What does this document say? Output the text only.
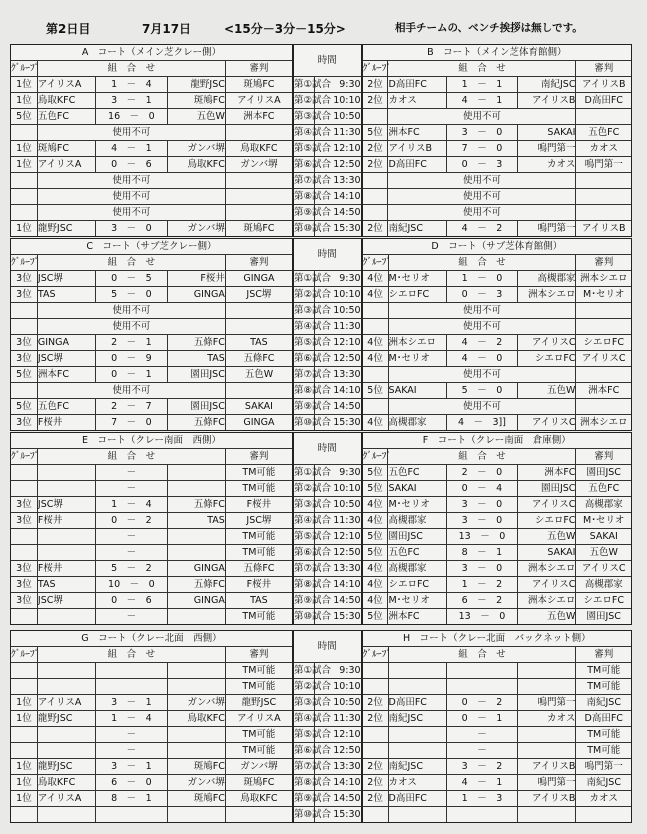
第2日目	7月17日	<15分－3分－15分>	相手チームの、ベンチ挨拶は無しです。
A　コート（メイン芝クレー側）					時間		B　コート（メイン芝体育館側）				
ｸﾞﾙｰﾌﾟ	組　合　せ			審判			ｸﾞﾙｰﾌﾟ	組　合　せ			審判
1位	アイリスA	1　－　4	龍野JSC	斑鳩FC	第①試合	9:30	2位	D高田FC	1　－　1	南紀JSC	アイリスB
1位	鳥取KFC	3　－　1	斑鳩FC	アイリスA	第②試合	10:10	2位	カオス	4　－　1	アイリスB	D高田FC
5位	五色FC	16　－　0	五色W	洲本FC	第③試合	10:50		使用不可			
	使用不可				第④試合	11:30	5位	洲本FC	3　－　0	SAKAI	五色FC
1位	斑鳩FC	4　－　1	ガンバ堺	鳥取KFC	第⑤試合	12:10	2位	アイリスB	7　－　0	鳴門第一	カオス
1位	アイリスA	0　－　6	鳥取KFC	ガンバ堺	第⑥試合	12:50	2位	D高田FC	0　－　3	カオス	鳴門第一
	使用不可				第⑦試合	13:30		使用不可			
	使用不可				第⑧試合	14:10		使用不可			
	使用不可				第⑨試合	14:50		使用不可			
1位	龍野JSC	3　－　0	ガンバ堺	斑鳩FC	第⑩試合	15:30	2位	南紀JSC	4　－　2	鳴門第一	アイリスB
C　コート（サブ芝クレー側）					時間		D　コート（サブ芝体育館側）				
ｸﾞﾙｰﾌﾟ	組　合　せ			審判			ｸﾞﾙｰﾌﾟ	組　合　せ			審判
3位	JSC堺	0　－　5	F桜井	GINGA	第①試合	9:30	4位	M･セリオ	1　－　0	高槻郡家	洲本シエロ
3位	TAS	5　－　0	GINGA	JSC堺	第②試合	10:10	4位	シエロFC	0　－　3	洲本シエロ	M･セリオ
	使用不可				第③試合	10:50		使用不可			
	使用不可				第④試合	11:30		使用不可			
3位	GINGA	2　－　1	五條FC	TAS	第⑤試合	12:10	4位	洲本シエロ	4　－　2	アイリスC	シエロFC
3位	JSC堺	0　－　9	TAS	五條FC	第⑥試合	12:50	4位	M･セリオ	4　－　0	シエロFC	アイリスC
5位	洲本FC	0　－　1	園田JSC	五色W	第⑦試合	13:30		使用不可			
	使用不可				第⑧試合	14:10	5位	SAKAI	5　－　0	五色W	洲本FC
5位	五色FC	2　－　7	園田JSC	SAKAI	第⑨試合	14:50		使用不可			
3位	F桜井	7　－　0	五條FC	GINGA	第⑩試合	15:30	4位	高槻郡家	4　－　3]]	アイリスC	洲本シエロ
E　コート（クレー南面　西側）					時間		F　コート（クレー南面　倉庫側）				
ｸﾞﾙｰﾌﾟ	組　合　せ			審判			ｸﾞﾙｰﾌﾟ	組　合　せ			審判
		－		TM可能	第①試合	9:30	5位	五色FC	2　－　0	洲本FC	園田JSC
		－		TM可能	第②試合	10:10	5位	SAKAI	0　－　4	園田JSC	五色FC
3位	JSC堺	1　－　4	五條FC	F桜井	第③試合	10:50	4位	M･セリオ	3　－　0	アイリスC	高槻郡家
3位	F桜井	0　－　2	TAS	JSC堺	第④試合	11:30	4位	高槻郡家	3　－　0	シエロFC	M･セリオ
		－		TM可能	第⑤試合	12:10	5位	園田JSC	13　－　0	五色W	SAKAI
		－		TM可能	第⑥試合	12:50	5位	五色FC	8　－　1	SAKAI	五色W
3位	F桜井	5　－　2	GINGA	五條FC	第⑦試合	13:30	4位	高槻郡家	3　－　0	洲本シエロ	アイリスC
3位	TAS	10　－　0	五條FC	F桜井	第⑧試合	14:10	4位	シエロFC	1　－　2	アイリスC	高槻郡家
3位	JSC堺	0　－　6	GINGA	TAS	第⑨試合	14:50	4位	M･セリオ	6　－　2	洲本シエロ	シエロFC
		－		TM可能	第⑩試合	15:30	5位	洲本FC	13　－　0	五色W	園田JSC
G　コート（クレー北面　西側）					時間		H　コート（クレー北面　バックネット側）				
ｸﾞﾙｰﾌﾟ	組　合　せ			審判			ｸﾞﾙｰﾌﾟ	組　合　せ			審判
				TM可能	第①試合	9:30					TM可能
				TM可能	第②試合	10:10					TM可能
1位	アイリスA	3　－　1	ガンバ堺	龍野JSC	第③試合	10:50	2位	D高田FC	0　－　2	鳴門第一	南紀JSC
1位	龍野JSC	1　－　4	鳥取KFC	アイリスA	第④試合	11:30	2位	南紀JSC	0　－　1	カオス	D高田FC
		－		TM可能	第⑤試合	12:10			－		TM可能
		－		TM可能	第⑥試合	12:50			－		TM可能
1位	龍野JSC	3　－　1	斑鳩FC	ガンバ堺	第⑦試合	13:30	2位	南紀JSC	3　－　2	アイリスB	鳴門第一
1位	鳥取KFC	6　－　0	ガンバ堺	斑鳩FC	第⑧試合	14:10	2位	カオス	4　－　1	鳴門第一	南紀JSC
1位	アイリスA	8　－　1	斑鳩FC	鳥取KFC	第⑨試合	14:50	2位	D高田FC	1　－　3	アイリスB	カオス
					第⑩試合	15:30					
